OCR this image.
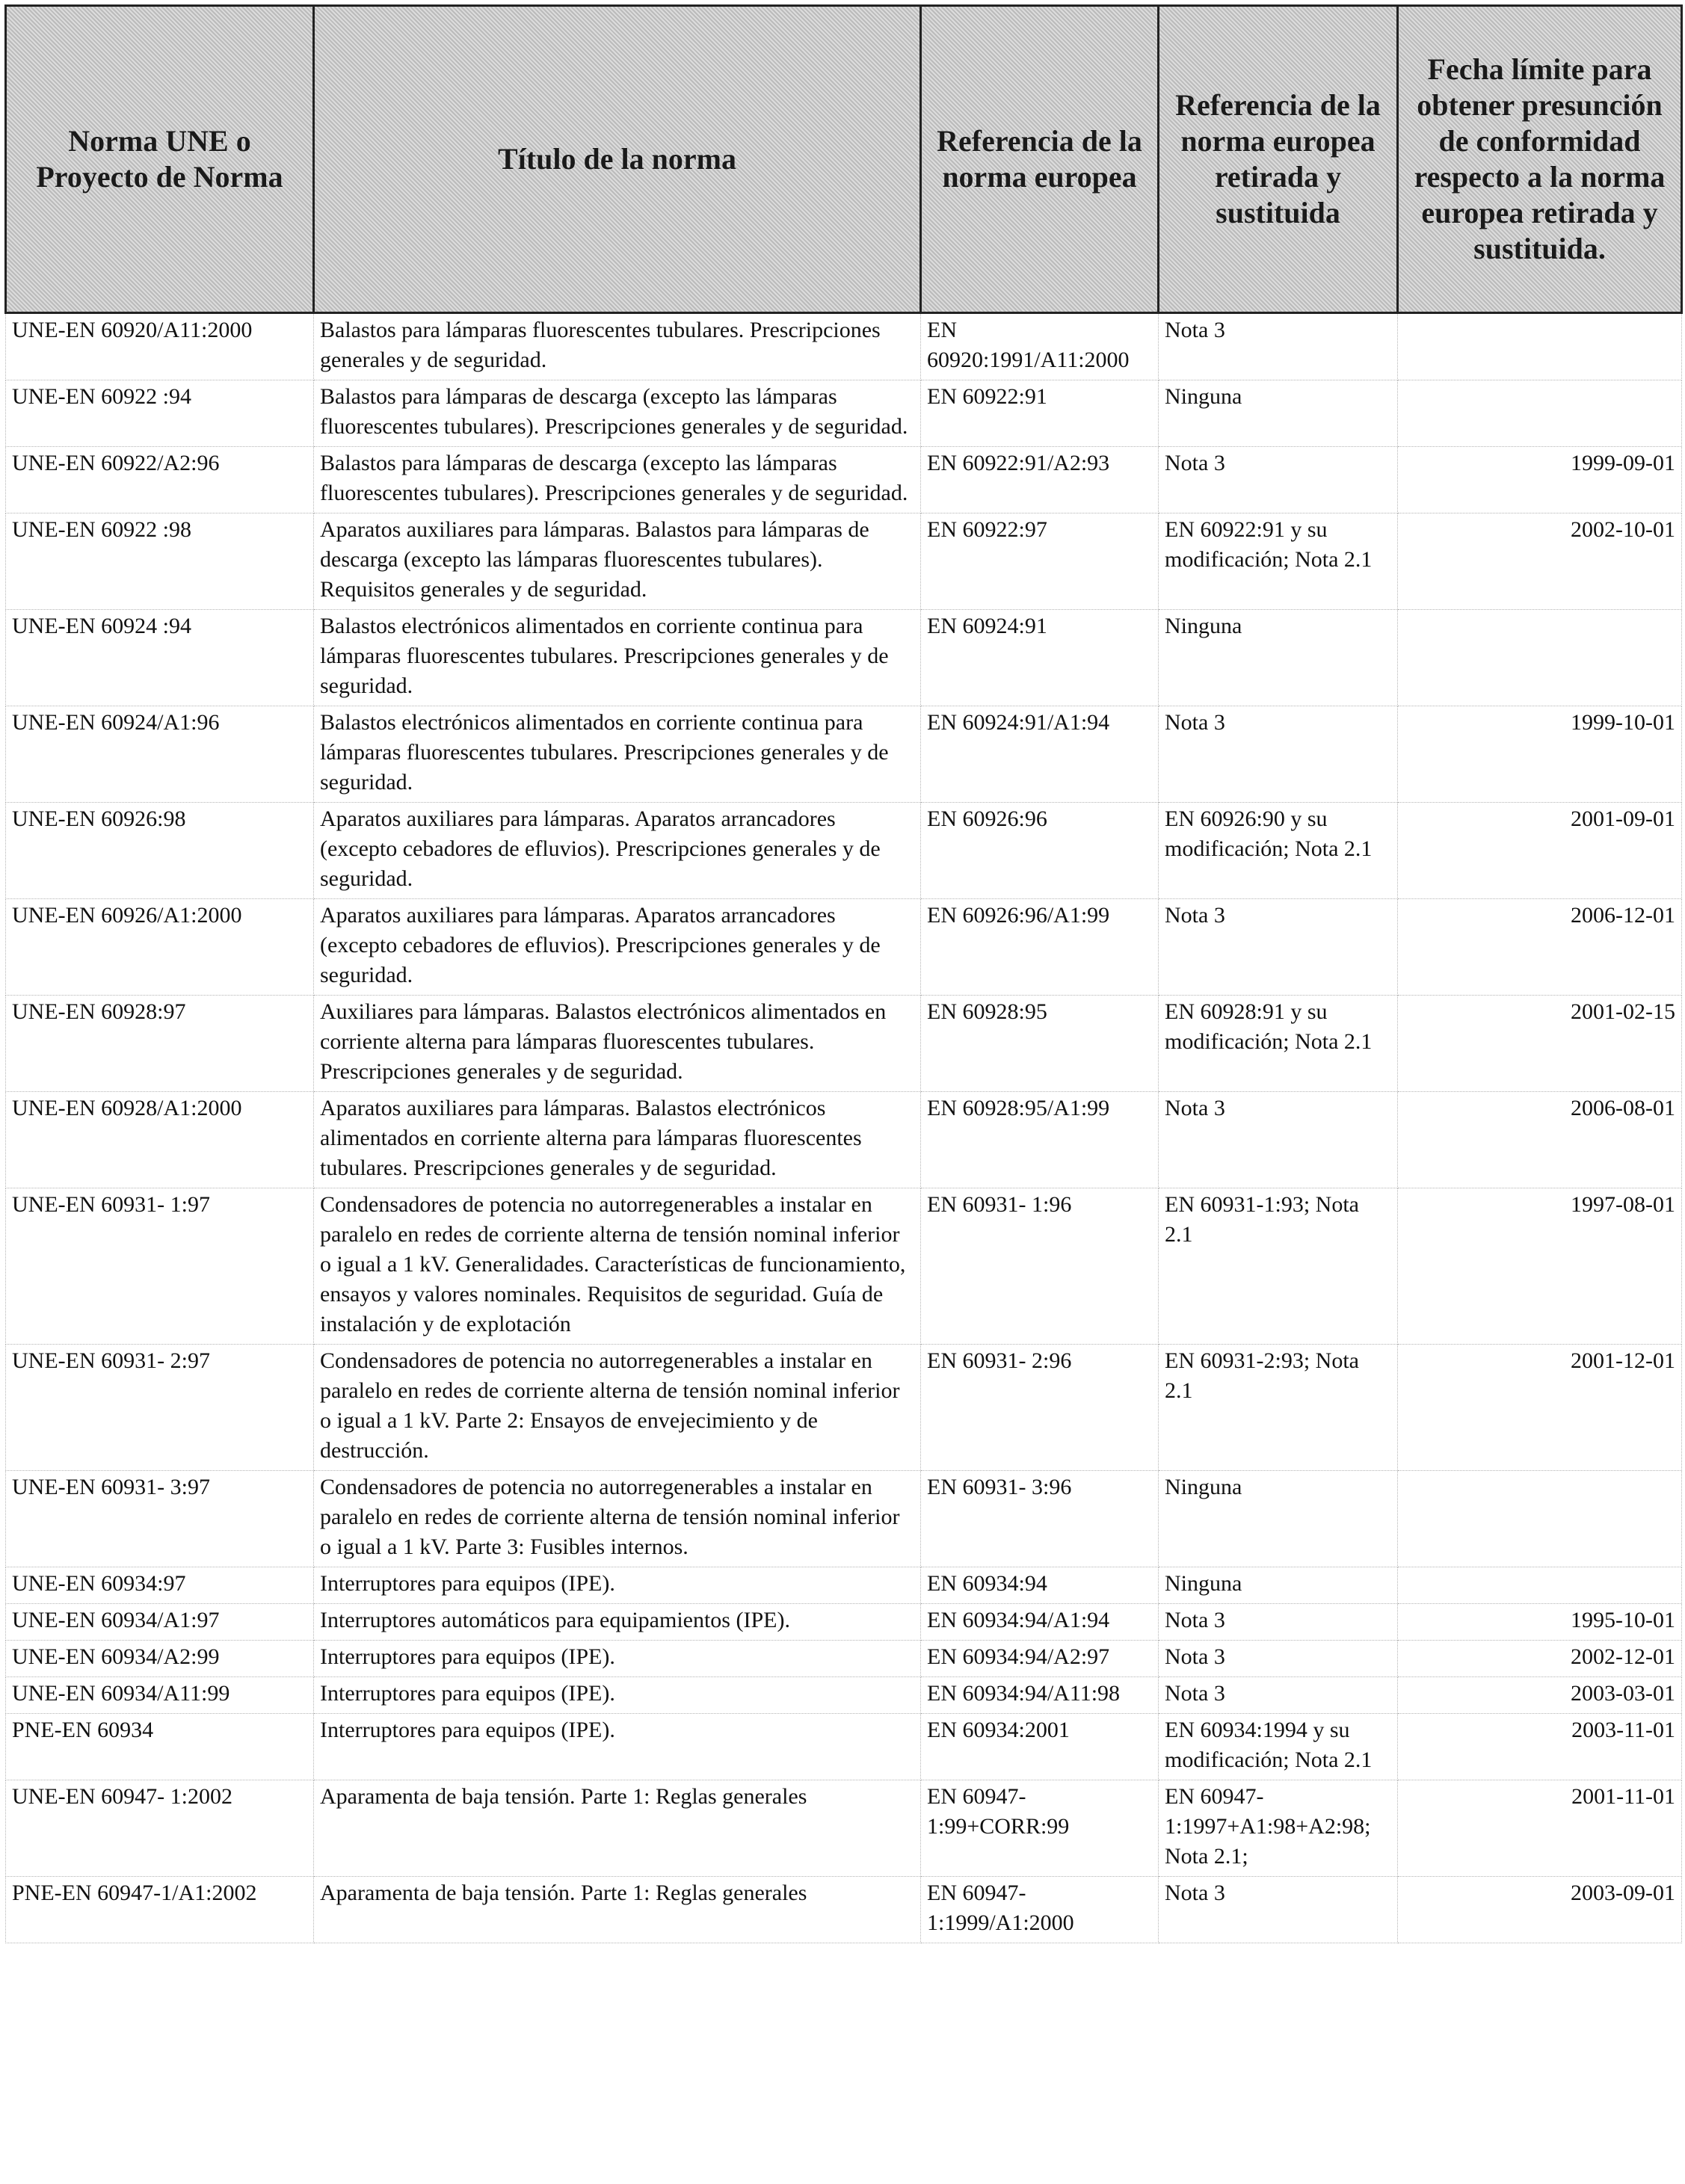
Norma UNE o Proyecto de Norma	Título de la norma	Referencia de la norma europea	Referencia de la norma europea retirada y sustituida	Fecha límite para obtener presunción de conformidad respecto a la norma europea retirada y sustituida.

UNE-EN 60920/A11:2000	Balastos para lámparas fluorescentes tubulares. Prescripciones generales y de seguridad.	EN 60920:1991/A11:2000	Nota 3	
UNE-EN 60922 :94	Balastos para lámparas de descarga (excepto las lámparas fluorescentes tubulares). Prescripciones generales y de seguridad.	EN 60922:91	Ninguna	
UNE-EN 60922/A2:96	Balastos para lámparas de descarga (excepto las lámparas fluorescentes tubulares). Prescripciones generales y de seguridad.	EN 60922:91/A2:93	Nota 3	1999-09-01
UNE-EN 60922 :98	Aparatos auxiliares para lámparas. Balastos para lámparas de descarga (excepto las lámparas fluorescentes tubulares). Requisitos generales y de seguridad.	EN 60922:97	EN 60922:91 y su modificación; Nota 2.1	2002-10-01
UNE-EN 60924 :94	Balastos electrónicos alimentados en corriente continua para lámparas fluorescentes tubulares. Prescripciones generales y de seguridad.	EN 60924:91	Ninguna	
UNE-EN 60924/A1:96	Balastos electrónicos alimentados en corriente continua para lámparas fluorescentes tubulares. Prescripciones generales y de seguridad.	EN 60924:91/A1:94	Nota 3	1999-10-01
UNE-EN 60926:98	Aparatos auxiliares para lámparas. Aparatos arrancadores (excepto cebadores de efluvios). Prescripciones generales y de seguridad.	EN 60926:96	EN 60926:90 y su modificación; Nota 2.1	2001-09-01
UNE-EN 60926/A1:2000	Aparatos auxiliares para lámparas. Aparatos arrancadores (excepto cebadores de efluvios). Prescripciones generales y de seguridad.	EN 60926:96/A1:99	Nota 3	2006-12-01
UNE-EN 60928:97	Auxiliares para lámparas. Balastos electrónicos alimentados en corriente alterna para lámparas fluorescentes tubulares. Prescripciones generales y de seguridad.	EN 60928:95	EN 60928:91 y su modificación; Nota 2.1	2001-02-15
UNE-EN 60928/A1:2000	Aparatos auxiliares para lámparas. Balastos electrónicos alimentados en corriente alterna para lámparas fluorescentes tubulares. Prescripciones generales y de seguridad.	EN 60928:95/A1:99	Nota 3	2006-08-01
UNE-EN 60931- 1:97	Condensadores de potencia no autorregenerables a instalar en paralelo en redes de corriente alterna de tensión nominal inferior o igual a 1 kV. Generalidades. Características de funcionamiento, ensayos y valores nominales. Requisitos de seguridad. Guía de instalación y de explotación	EN 60931- 1:96	EN 60931-1:93; Nota 2.1	1997-08-01
UNE-EN 60931- 2:97	Condensadores de potencia no autorregenerables a instalar en paralelo en redes de corriente alterna de tensión nominal inferior o igual a 1 kV. Parte 2: Ensayos de envejecimiento y de destrucción.	EN 60931- 2:96	EN 60931-2:93; Nota 2.1	2001-12-01
UNE-EN 60931- 3:97	Condensadores de potencia no autorregenerables a instalar en paralelo en redes de corriente alterna de tensión nominal inferior o igual a 1 kV. Parte 3: Fusibles internos.	EN 60931- 3:96	Ninguna	
UNE-EN 60934:97	Interruptores para equipos (IPE).	EN 60934:94	Ninguna	
UNE-EN 60934/A1:97	Interruptores automáticos para equipamientos (IPE).	EN 60934:94/A1:94	Nota 3	1995-10-01
UNE-EN 60934/A2:99	Interruptores para equipos (IPE).	EN 60934:94/A2:97	Nota 3	2002-12-01
UNE-EN 60934/A11:99	Interruptores para equipos (IPE).	EN 60934:94/A11:98	Nota 3	2003-03-01
PNE-EN 60934	Interruptores para equipos (IPE).	EN 60934:2001	EN 60934:1994 y su modificación; Nota 2.1	2003-11-01
UNE-EN 60947- 1:2002	Aparamenta de baja tensión. Parte 1: Reglas generales	EN 60947-1:99+CORR:99	EN 60947-1:1997+A1:98+A2:98; Nota 2.1;	2001-11-01
PNE-EN 60947-1/A1:2002	Aparamenta de baja tensión. Parte 1: Reglas generales	EN 60947-1:1999/A1:2000	Nota 3	2003-09-01
